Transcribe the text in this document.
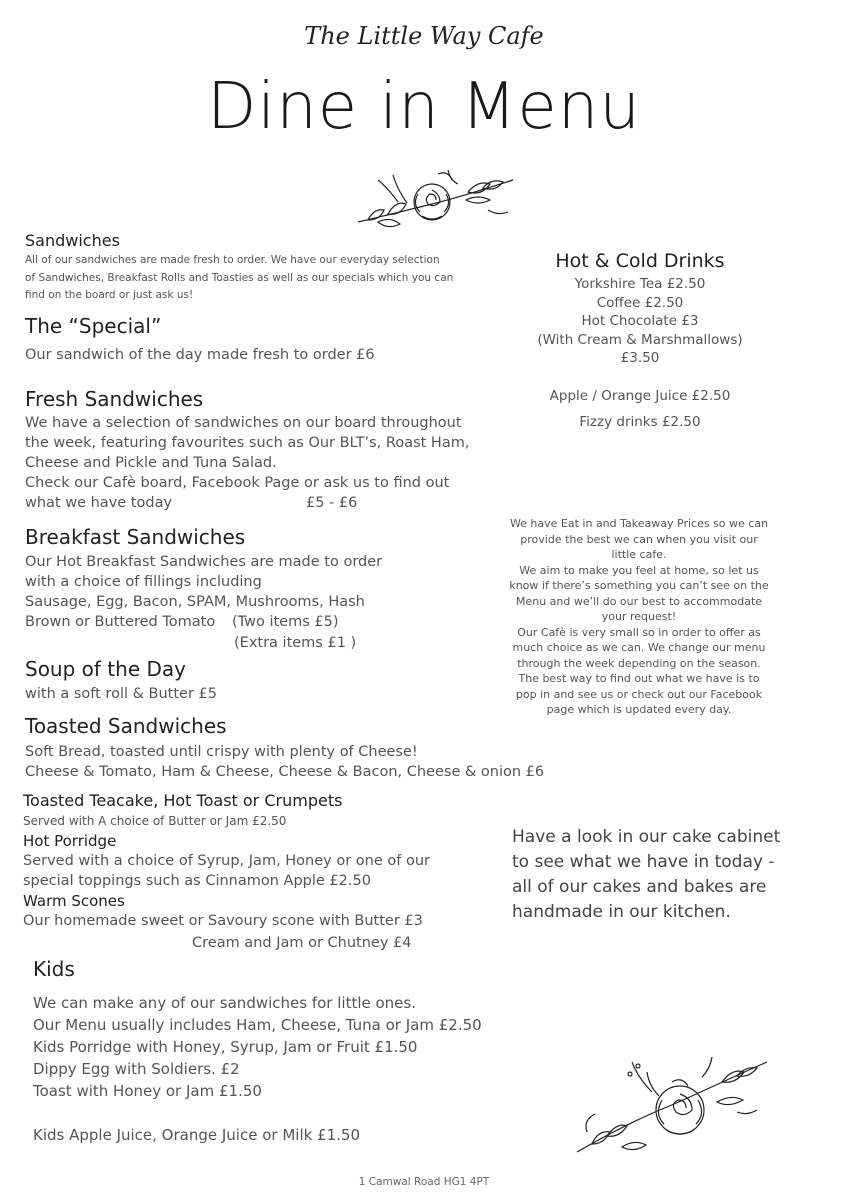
The Little Way Cafe
Dine in Menu
Sandwiches
All of our sandwiches are made fresh to order. We have our everyday selection
of Sandwiches, Breakfast Rolls and Toasties as well as our specials which you can
find on the board or just ask us!
The “Special”
Our sandwich of the day made fresh to order £6
Fresh Sandwiches
We have a selection of sandwiches on our board throughout
the week, featuring favourites such as Our BLT’s, Roast Ham,
Cheese and Pickle and Tuna Salad.
Check our Cafè board, Facebook Page or ask us to find out
what we have today	£5 - £6
Breakfast Sandwiches
Our Hot Breakfast Sandwiches are made to order
with a choice of fillings including
Sausage, Egg, Bacon, SPAM, Mushrooms, Hash
Brown or Buttered Tomato	(Two items £5)
(Extra items £1 )
Soup of the Day
with a soft roll & Butter £5
Toasted Sandwiches
Soft Bread, toasted until crispy with plenty of Cheese!
Cheese & Tomato, Ham & Cheese, Cheese & Bacon, Cheese & onion £6
Toasted Teacake, Hot Toast or Crumpets
Served with A choice of Butter or Jam £2.50
Hot Porridge
Served with a choice of Syrup, Jam, Honey or one of our
special toppings such as Cinnamon Apple £2.50
Warm Scones
Our homemade sweet or Savoury scone with Butter £3
Cream and Jam or Chutney £4
Kids
We can make any of our sandwiches for little ones.
Our Menu usually includes Ham, Cheese, Tuna or Jam £2.50
Kids Porridge with Honey, Syrup, Jam or Fruit £1.50
Dippy Egg with Soldiers. £2
Toast with Honey or Jam £1.50
Kids Apple Juice, Orange Juice or Milk £1.50
Hot & Cold Drinks
Yorkshire Tea £2.50
Coffee £2.50
Hot Chocolate £3
(With Cream & Marshmallows)
£3.50
Apple / Orange Juice £2.50
Fizzy drinks £2.50
We have Eat in and Takeaway Prices so we can
provide the best we can when you visit our
little cafe.
We aim to make you feel at home, so let us
know if there’s something you can’t see on the
Menu and we’ll do our best to accommodate
your request!
Our Cafè is very small so in order to offer as
much choice as we can. We change our menu
through the week depending on the season.
The best way to find out what we have is to
pop in and see us or check out our Facebook
page which is updated every day.
Have a look in our cake cabinet
to see what we have in today -
all of our cakes and bakes are
handmade in our kitchen.
1 Camwal Road HG1 4PT
